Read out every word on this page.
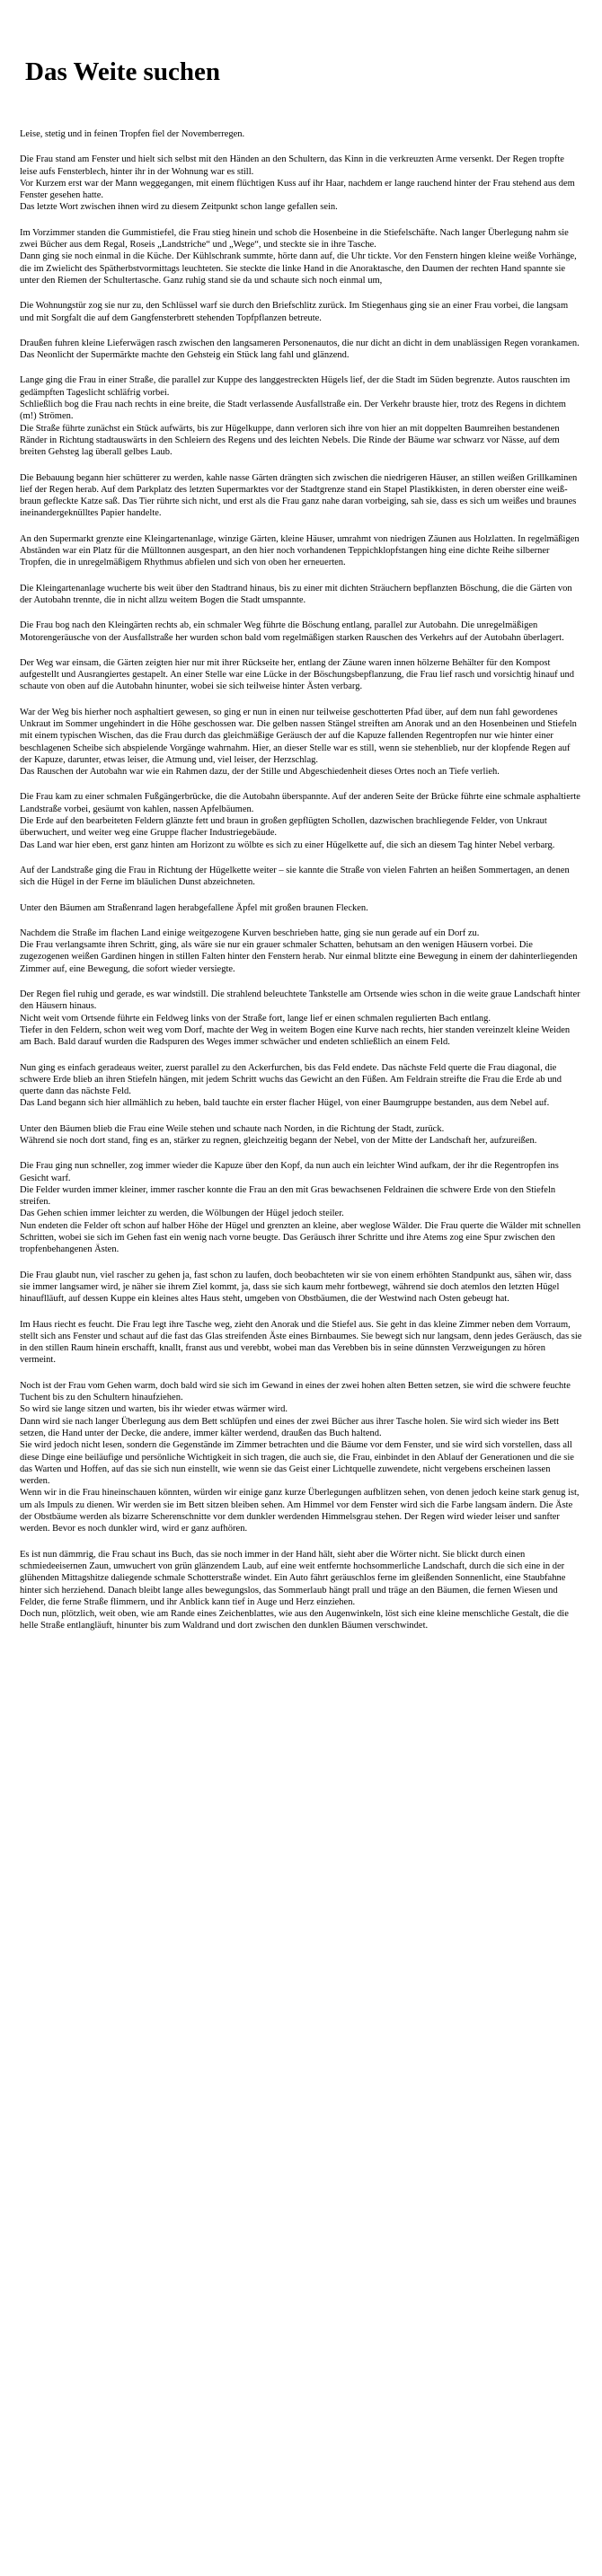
Das Weite suchen
Leise, stetig und in feinen Tropfen fiel der Novemberregen.
Die Frau stand am Fenster und hielt sich selbst mit den Händen an den Schultern, das Kinn in die verkreuzten Arme versenkt. Der Regen tropfte leise aufs Fensterblech, hinter ihr in der Wohnung war es still.
Vor Kurzem erst war der Mann weggegangen, mit einem flüchtigen Kuss auf ihr Haar, nachdem er lange rauchend hinter der Frau stehend aus dem Fenster gesehen hatte.
Das letzte Wort zwischen ihnen wird zu diesem Zeitpunkt schon lange gefallen sein.
Im Vorzimmer standen die Gummistiefel, die Frau stieg hinein und schob die Hosenbeine in die Stiefelschäfte. Nach langer Überlegung nahm sie zwei Bücher aus dem Regal, Roseis „Landstriche“ und „Wege“, und steckte sie in ihre Tasche.
Dann ging sie noch einmal in die Küche. Der Kühlschrank summte, hörte dann auf, die Uhr tickte. Vor den Fenstern hingen kleine weiße Vorhänge, die im Zwielicht des Spätherbstvormittags leuchteten. Sie steckte die linke Hand in die Anoraktasche, den Daumen der rechten Hand spannte sie unter den Riemen der Schultertasche. Ganz ruhig stand sie da und schaute sich noch einmal um,
Die Wohnungstür zog sie nur zu, den Schlüssel warf sie durch den Briefschlitz zurück. Im Stiegenhaus ging sie an einer Frau vorbei, die langsam und mit Sorgfalt die auf dem Gangfensterbrett stehenden Topfpflanzen betreute.
Draußen fuhren kleine Lieferwägen rasch zwischen den langsameren Personenautos, die nur dicht an dicht in dem unablässigen Regen vorankamen. Das Neonlicht der Supermärkte machte den Gehsteig ein Stück lang fahl und glänzend.
Lange ging die Frau in einer Straße, die parallel zur Kuppe des langgestreckten Hügels lief, der die Stadt im Süden begrenzte. Autos rauschten im gedämpften Tageslicht schläfrig vorbei.
Schließlich bog die Frau nach rechts in eine breite, die Stadt verlassende Ausfallstraße ein. Der Verkehr brauste hier, trotz des Regens in dichtem (m!) Strömen.
Die Straße führte zunächst ein Stück aufwärts, bis zur Hügelkuppe, dann verloren sich ihre von hier an mit doppelten Baumreihen bestandenen Ränder in Richtung stadtauswärts in den Schleiern des Regens und des leichten Nebels. Die Rinde der Bäume war schwarz vor Nässe, auf dem breiten Gehsteg lag überall gelbes Laub.
Die Bebauung begann hier schütterer zu werden, kahle nasse Gärten drängten sich zwischen die niedrigeren Häuser, an stillen weißen Grillkaminen lief der Regen herab. Auf dem Parkplatz des letzten Supermarktes vor der Stadtgrenze stand ein Stapel Plastikkisten, in deren oberster eine weiß-braun gefleckte Katze saß. Das Tier rührte sich nicht, und erst als die Frau ganz nahe daran vorbeiging, sah sie, dass es sich um weißes und braunes ineinandergeknülltes Papier handelte.
An den Supermarkt grenzte eine Kleingartenanlage, winzige Gärten, kleine Häuser, umrahmt von niedrigen Zäunen aus Holzlatten. In regelmäßigen Abständen war ein Platz für die Mülltonnen ausgespart, an den hier noch vorhandenen Teppichklopfstangen hing eine dichte Reihe silberner Tropfen, die in unregelmäßigem Rhythmus abfielen und sich von oben her erneuerten.
Die Kleingartenanlage wucherte bis weit über den Stadtrand hinaus, bis zu einer mit dichten Sträuchern bepflanzten Böschung, die die Gärten von der Autobahn trennte, die in nicht allzu weitem Bogen die Stadt umspannte.
Die Frau bog nach den Kleingärten rechts ab, ein schmaler Weg führte die Böschung entlang, parallel zur Autobahn. Die unregelmäßigen Motorengeräusche von der Ausfallstraße her wurden schon bald vom regelmäßigen starken Rauschen des Verkehrs auf der Autobahn überlagert.
Der Weg war einsam, die Gärten zeigten hier nur mit ihrer Rückseite her, entlang der Zäune waren innen hölzerne Behälter für den Kompost aufgestellt und Ausrangiertes gestapelt. An einer Stelle war eine Lücke in der Böschungsbepflanzung, die Frau lief rasch und vorsichtig hinauf und schaute von oben auf die Autobahn hinunter, wobei sie sich teilweise hinter Ästen verbarg.
War der Weg bis hierher noch asphaltiert gewesen, so ging er nun in einen nur teilweise geschotterten Pfad über, auf dem nun fahl gewordenes Unkraut im Sommer ungehindert in die Höhe geschossen war. Die gelben nassen Stängel streiften am Anorak und an den Hosenbeinen und Stiefeln mit einem typischen Wischen, das die Frau durch das gleichmäßige Geräusch der auf die Kapuze fallenden Regentropfen nur wie hinter einer beschlagenen Scheibe sich abspielende Vorgänge wahrnahm. Hier, an dieser Stelle war es still, wenn sie stehenblieb, nur der klopfende Regen auf der Kapuze, darunter, etwas leiser, die Atmung und, viel leiser, der Herzschlag.
Das Rauschen der Autobahn war wie ein Rahmen dazu, der der Stille und Abgeschiedenheit dieses Ortes noch an Tiefe verlieh.
Die Frau kam zu einer schmalen Fußgängerbrücke, die die Autobahn überspannte. Auf der anderen Seite der Brücke führte eine schmale asphaltierte Landstraße vorbei, gesäumt von kahlen, nassen Apfelbäumen.
Die Erde auf den bearbeiteten Feldern glänzte fett und braun in großen gepflügten Schollen, dazwischen brachliegende Felder, von Unkraut überwuchert, und weiter weg eine Gruppe flacher Industriegebäude.
Das Land war hier eben, erst ganz hinten am Horizont zu wölbte es sich zu einer Hügelkette auf, die sich an diesem Tag hinter Nebel verbarg.
Auf der Landstraße ging die Frau in Richtung der Hügelkette weiter – sie kannte die Straße von vielen Fahrten an heißen Sommertagen, an denen sich die Hügel in der Ferne im bläulichen Dunst abzeichneten.
Unter den Bäumen am Straßenrand lagen herabgefallene Äpfel mit großen braunen Flecken.
Nachdem die Straße im flachen Land einige weitgezogene Kurven beschrieben hatte, ging sie nun gerade auf ein Dorf zu.
Die Frau verlangsamte ihren Schritt, ging, als wäre sie nur ein grauer schmaler Schatten, behutsam an den wenigen Häusern vorbei. Die zugezogenen weißen Gardinen hingen in stillen Falten hinter den Fenstern herab. Nur einmal blitzte eine Bewegung in einem der dahinterliegenden Zimmer auf, eine Bewegung, die sofort wieder versiegte.
Der Regen fiel ruhig und gerade, es war windstill. Die strahlend beleuchtete Tankstelle am Ortsende wies schon in die weite graue Landschaft hinter den Häusern hinaus.
Nicht weit vom Ortsende führte ein Feldweg links von der Straße fort, lange lief er einen schmalen regulierten Bach entlang.
Tiefer in den Feldern, schon weit weg vom Dorf, machte der Weg in weitem Bogen eine Kurve nach rechts, hier standen vereinzelt kleine Weiden am Bach. Bald darauf wurden die Radspuren des Weges immer schwächer und endeten schließlich an einem Feld.
Nun ging es einfach geradeaus weiter, zuerst parallel zu den Ackerfurchen, bis das Feld endete. Das nächste Feld querte die Frau diagonal, die schwere Erde blieb an ihren Stiefeln hängen, mit jedem Schritt wuchs das Gewicht an den Füßen. Am Feldrain streifte die Frau die Erde ab und querte dann das nächste Feld.
Das Land begann sich hier allmählich zu heben, bald tauchte ein erster flacher Hügel, von einer Baumgruppe bestanden, aus dem Nebel auf.
Unter den Bäumen blieb die Frau eine Weile stehen und schaute nach Norden, in die Richtung der Stadt, zurück.
Während sie noch dort stand, fing es an, stärker zu regnen, gleichzeitig begann der Nebel, von der Mitte der Landschaft her, aufzureißen.
Die Frau ging nun schneller, zog immer wieder die Kapuze über den Kopf, da nun auch ein leichter Wind aufkam, der ihr die Regentropfen ins Gesicht warf.
Die Felder wurden immer kleiner, immer rascher konnte die Frau an den mit Gras bewachsenen Feldrainen die schwere Erde von den Stiefeln streifen.
Das Gehen schien immer leichter zu werden, die Wölbungen der Hügel jedoch steiler.
Nun endeten die Felder oft schon auf halber Höhe der Hügel und grenzten an kleine, aber weglose Wälder. Die Frau querte die Wälder mit schnellen Schritten, wobei sie sich im Gehen fast ein wenig nach vorne beugte. Das Geräusch ihrer Schritte und ihre Atems zog eine Spur zwischen den tropfenbehangenen Ästen.
Die Frau glaubt nun, viel rascher zu gehen ja, fast schon zu laufen, doch beobachteten wir sie von einem erhöhten Standpunkt aus, sähen wir, dass sie immer langsamer wird, je näher sie ihrem Ziel kommt, ja, dass sie sich kaum mehr fortbewegt, während sie doch atemlos den letzten Hügel hinauflläuft, auf dessen Kuppe ein kleines altes Haus steht, umgeben von Obstbäumen, die der Westwind nach Osten gebeugt hat.
Im Haus riecht es feucht. Die Frau legt ihre Tasche weg, zieht den Anorak und die Stiefel aus. Sie geht in das kleine Zimmer neben dem Vorraum, stellt sich ans Fenster und schaut auf die fast das Glas streifenden Äste eines Birnbaumes. Sie bewegt sich nur langsam, denn jedes Geräusch, das sie in den stillen Raum hinein erschafft, knallt, franst aus und verebbt, wobei man das Verebben bis in seine dünnsten Verzweigungen zu hören vermeint.
Noch ist der Frau vom Gehen warm, doch bald wird sie sich im Gewand in eines der zwei hohen alten Betten setzen, sie wird die schwere feuchte Tuchent bis zu den Schultern hinaufziehen.
So wird sie lange sitzen und warten, bis ihr wieder etwas wärmer wird.
Dann wird sie nach langer Überlegung aus dem Bett schlüpfen und eines der zwei Bücher aus ihrer Tasche holen. Sie wird sich wieder ins Bett setzen, die Hand unter der Decke, die andere, immer kälter werdend, draußen das Buch haltend.
Sie wird jedoch nicht lesen, sondern die Gegenstände im Zimmer betrachten und die Bäume vor dem Fenster, und sie wird sich vorstellen, dass all diese Dinge eine beiläufige und persönliche Wichtigkeit in sich tragen, die auch sie, die Frau, einbindet in den Ablauf der Generationen und die sie das Warten und Hoffen, auf das sie sich nun einstellt, wie wenn sie das Geist einer Lichtquelle zuwendete, nicht vergebens erscheinen lassen werden.
Wenn wir in die Frau hineinschauen könnten, würden wir einige ganz kurze Überlegungen aufblitzen sehen, von denen jedoch keine stark genug ist, um als Impuls zu dienen. Wir werden sie im Bett sitzen bleiben sehen. Am Himmel vor dem Fenster wird sich die Farbe langsam ändern. Die Äste der Obstbäume werden als bizarre Scherenschnitte vor dem dunkler werdenden Himmelsgrau stehen. Der Regen wird wieder leiser und sanfter werden. Bevor es noch dunkler wird, wird er ganz aufhören.
Es ist nun dämmrig, die Frau schaut ins Buch, das sie noch immer in der Hand hält, sieht aber die Wörter nicht. Sie blickt durch einen schmiedeeisernen Zaun, umwuchert von grün glänzendem Laub, auf eine weit entfernte hochsommerliche Landschaft, durch die sich eine in der glühenden Mittagshitze daliegende schmale Schotterstraße windet. Ein Auto fährt geräuschlos ferne im gleißenden Sonnenlicht, eine Staubfahne hinter sich herziehend. Danach bleibt lange alles bewegungslos, das Sommerlaub hängt prall und träge an den Bäumen, die fernen Wiesen und Felder, die ferne Straße flimmern, und ihr Anblick kann tief in Auge und Herz einziehen.
Doch nun, plötzlich, weit oben, wie am Rande eines Zeichenblattes, wie aus den Augenwinkeln, löst sich eine kleine menschliche Gestalt, die die helle Straße entlangläuft, hinunter bis zum Waldrand und dort zwischen den dunklen Bäumen verschwindet.
